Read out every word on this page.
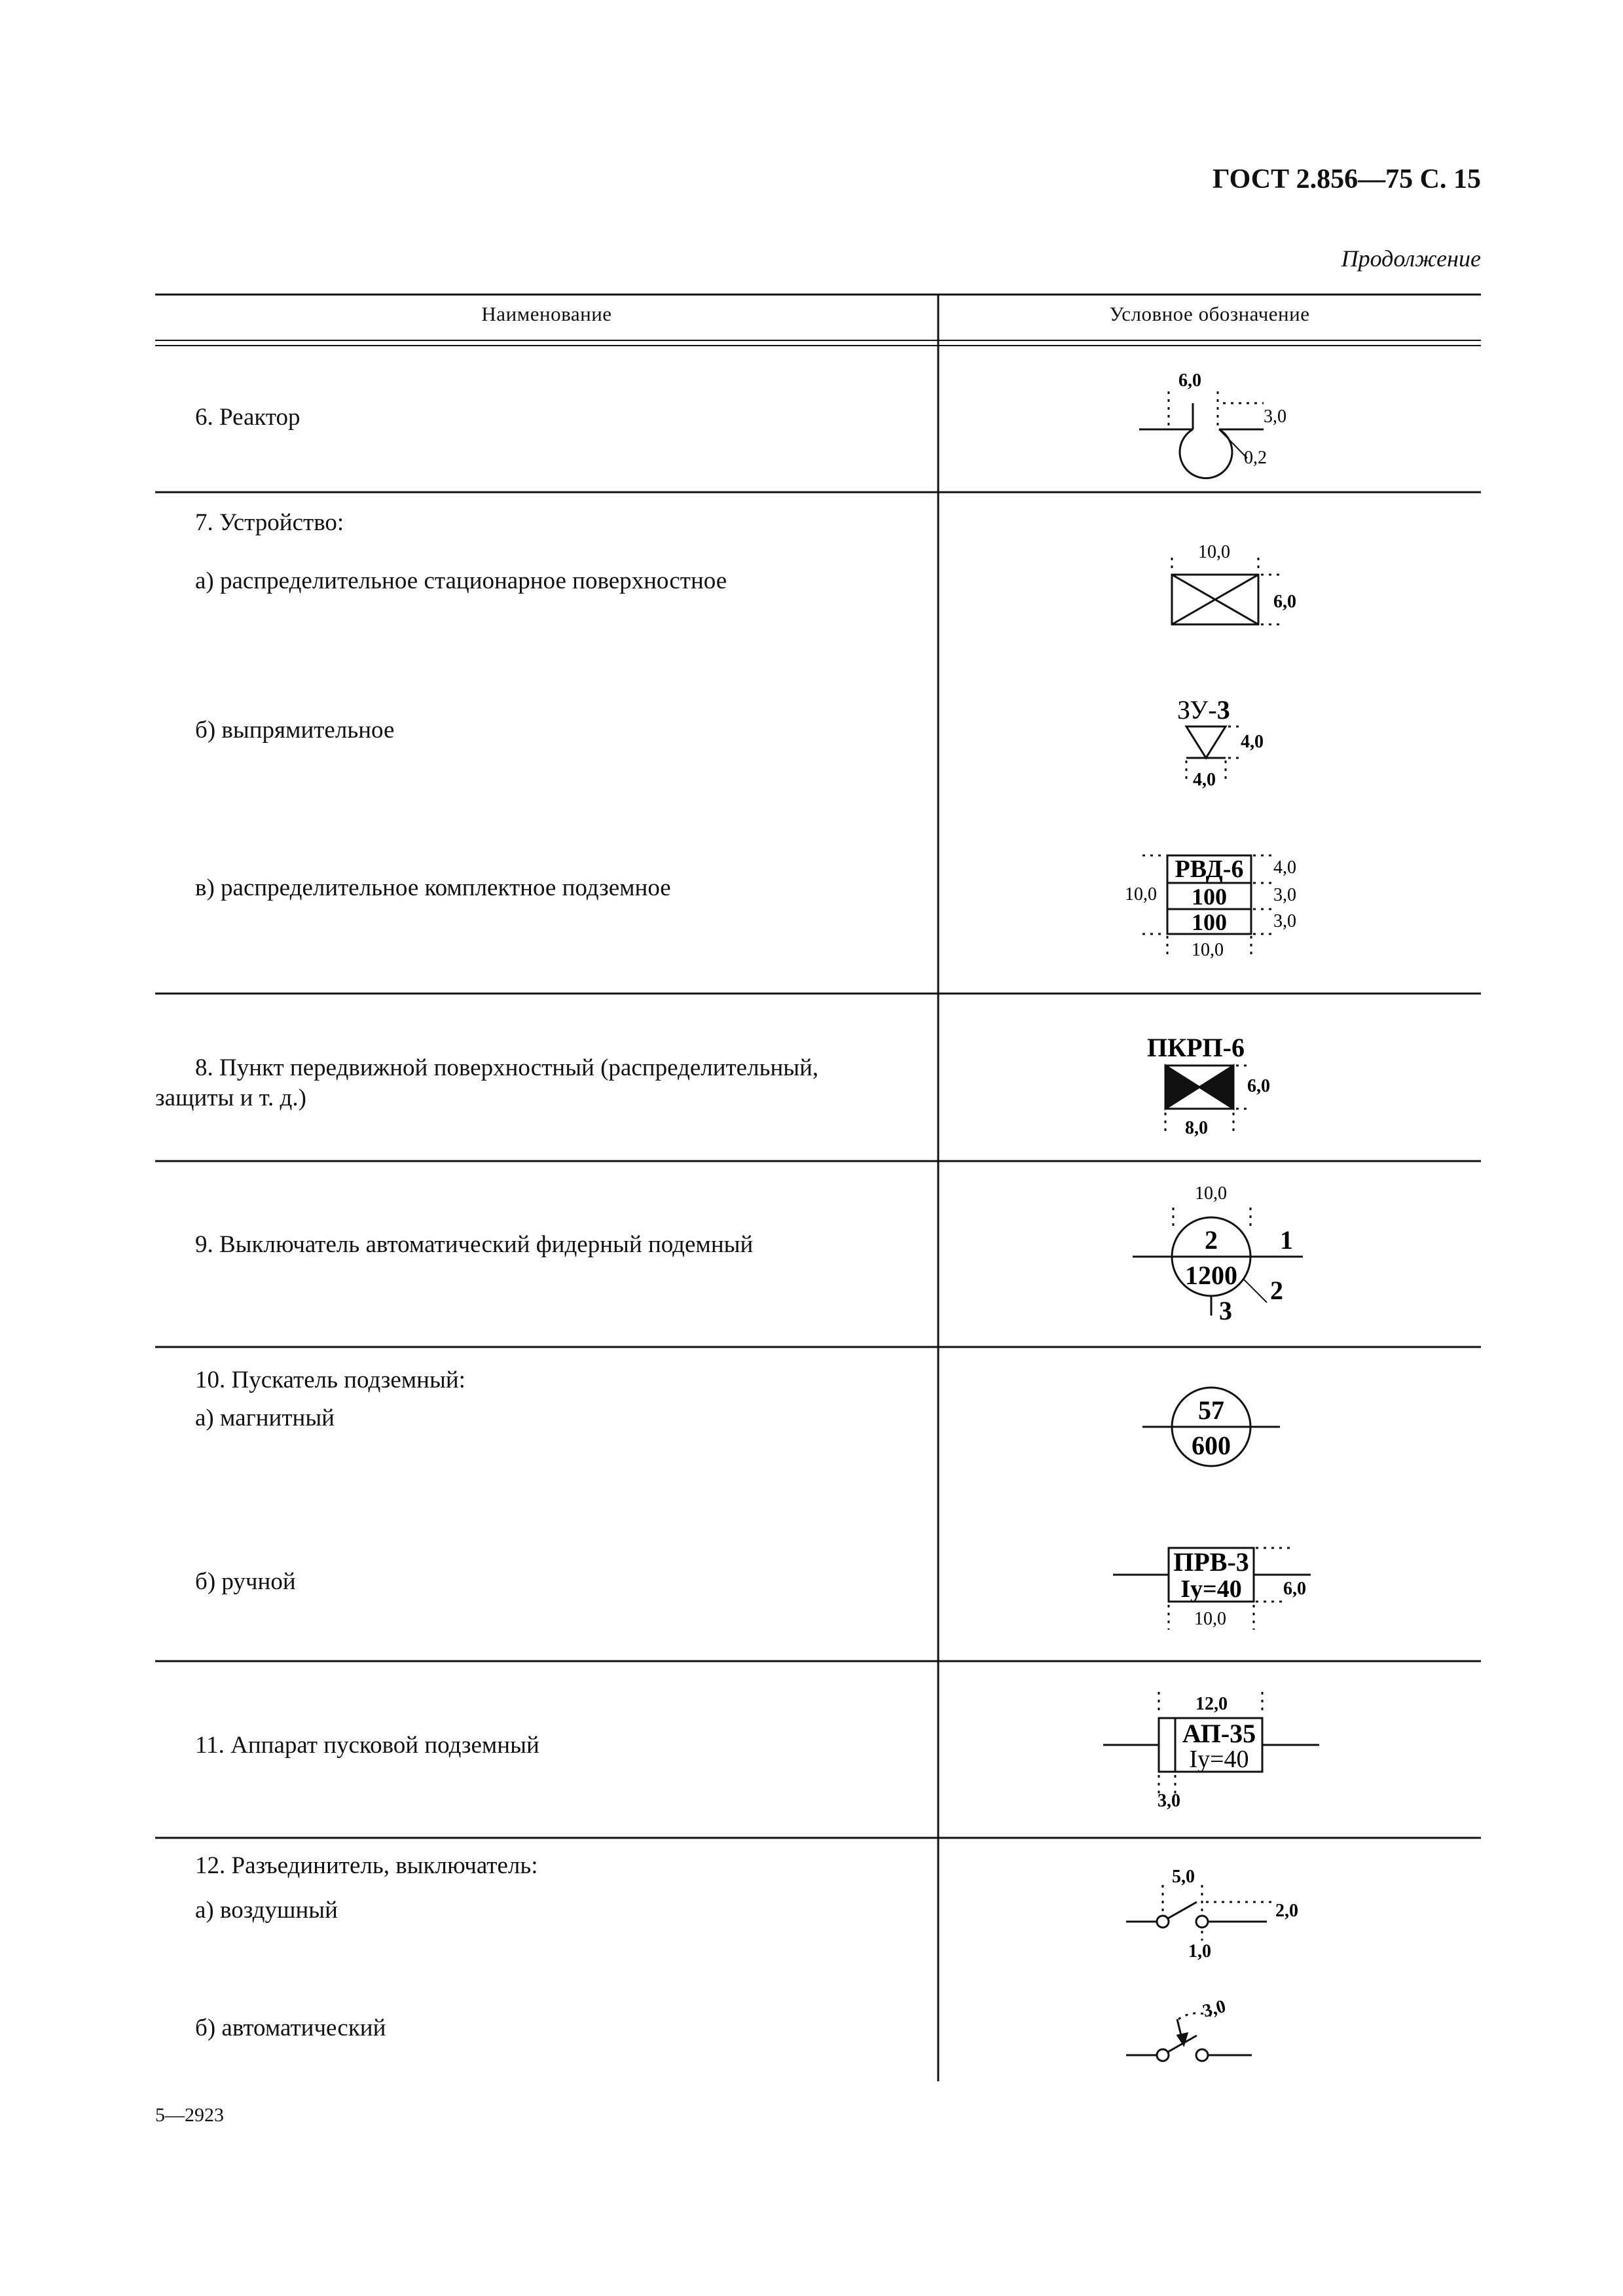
ГОСТ 2.856—75 С. 15
Продолжение
6,0
3,0
0,2
10,0
6,0
ЗУ-3
4,0
4,0
РВД-6
100
100
10,0
4,0
3,0
3,0
10,0
ПКРП-6
6,0
8,0
2
1200
10,0
1
2
3
57
600
ПРВ-3
Iу=40 6,0
10,0
АП-35
Iу=40
12,0
3,0
5,0
2,0
1,0
3,0
Наименование	Условное обозначение
6. Реактор
7. Устройство:
а) распределительное стационарное поверхностное
б) выпрямительное
в) распределительное комплектное подземное
8. Пункт передвижной поверхностный (распределительный,
защиты и т. д.)
9. Выключатель автоматический фидерный подемный
10. Пускатель подземный:
а) магнитный
б) ручной
11. Аппарат пусковой подземный
12. Разъединитель, выключатель:
а) воздушный
б) автоматический
5—2923
